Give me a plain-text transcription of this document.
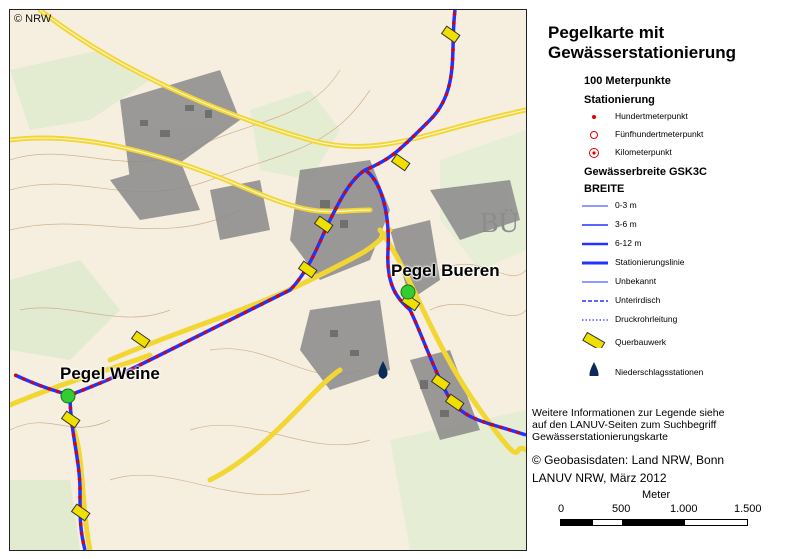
BÜ
© NRW
Pegel Bueren
Pegel Weine
Pegelkarte mit
Gewässerstationierung
100 Meterpunkte
Stationierung
Hundertmeterpunkt
Fünfhundertmeterpunkt
Kilometerpunkt
Gewässerbreite GSK3C
BREITE
0-3 m
3-6 m
6-12 m
Stationierungslinie
Unbekannt
Unterirdisch
Druckrohrleitung
Querbauwerk
Niederschlagsstationen
Weitere Informationen zur Legende siehe
auf den LANUV-Seiten zum Suchbegriff
Gewässerstationierungskarte
© Geobasisdaten: Land NRW, Bonn
LANUV NRW, März 2012
Meter
0	500	1.000	1.500
